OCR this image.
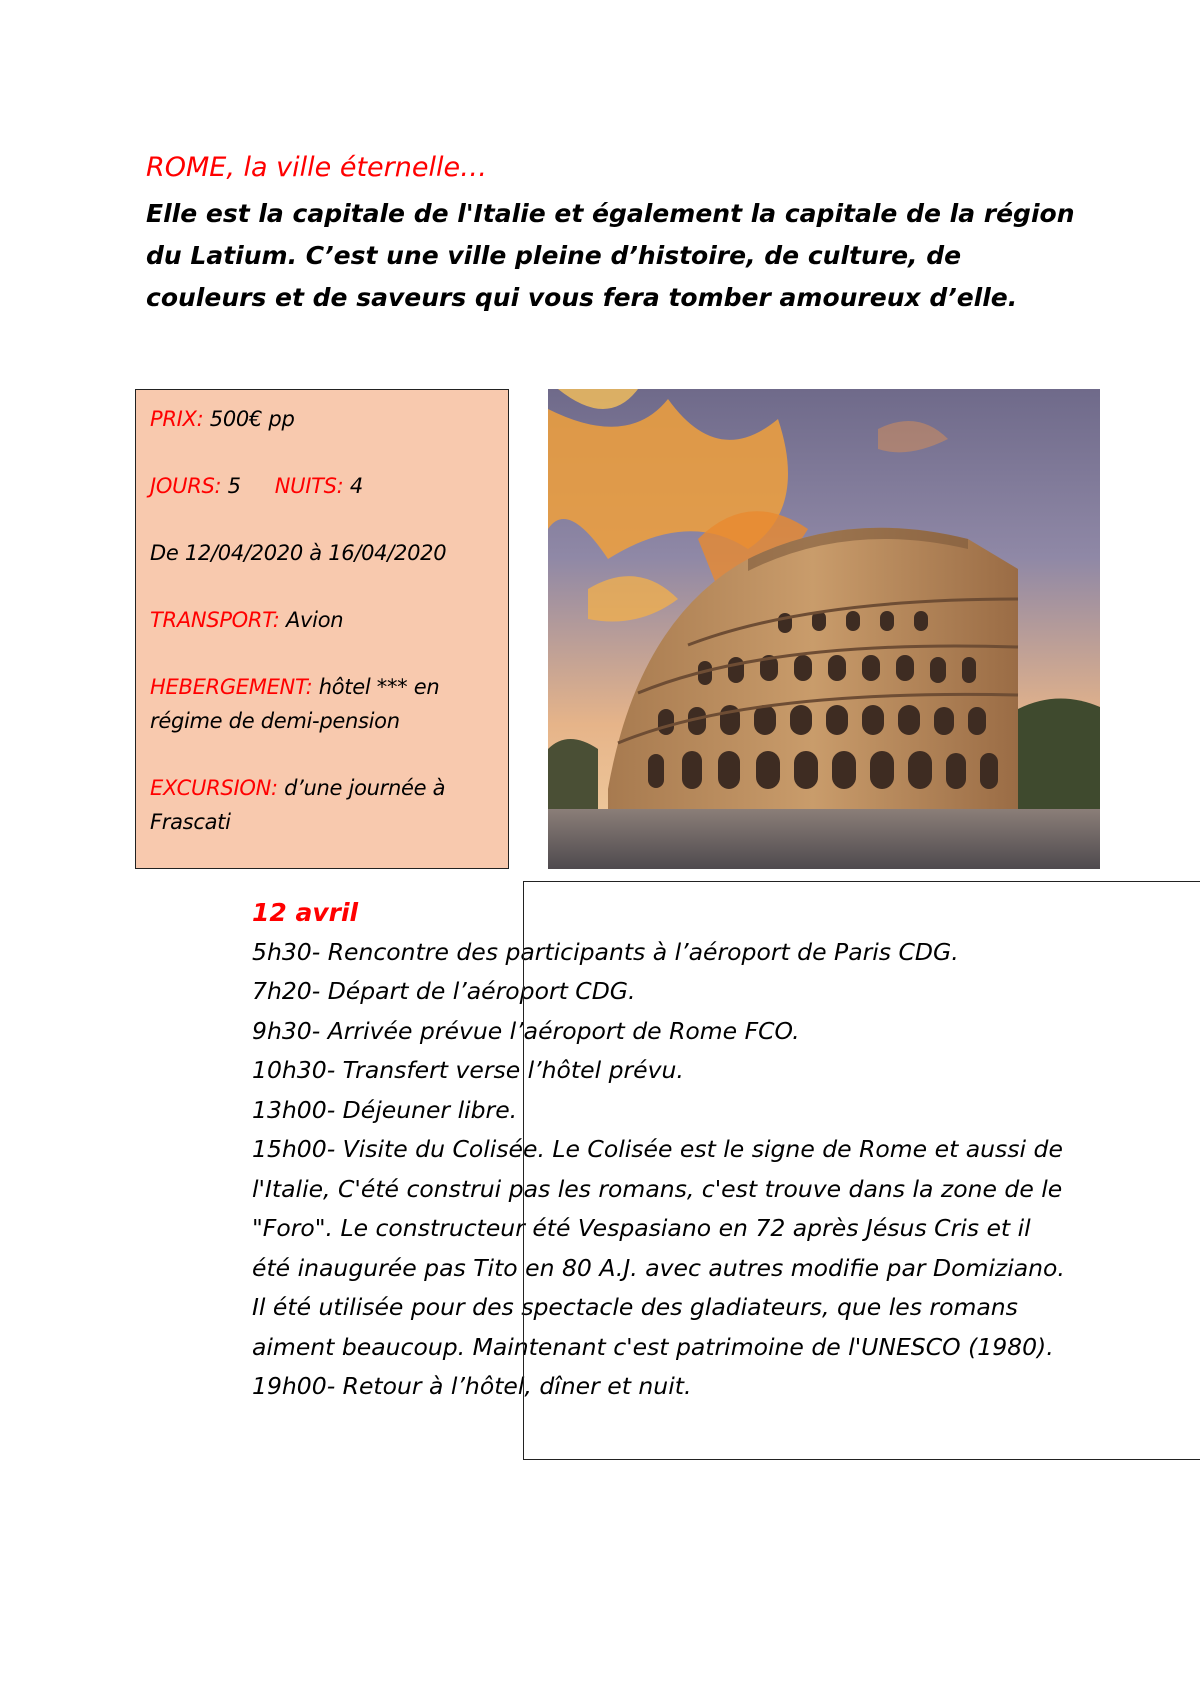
ROME, la ville éternelle…

Elle est la capitale de l'Italie et également la capitale de la région du Latium. C’est une ville pleine d’histoire, de culture, de couleurs et de saveurs qui vous fera tomber amoureux d’elle.

PRIX: 500€ pp

JOURS: 5 NUITS: 4

De 12/04/2020 à 16/04/2020

TRANSPORT: Avion

HEBERGEMENT: hôtel *** en régime de demi-pension

EXCURSION: d’une journée à Frascati

12 avril

5h30- Rencontre des participants à l’aéroport de Paris CDG.

7h20- Départ de l’aéroport CDG.

9h30- Arrivée prévue l’aéroport de Rome FCO.

10h30- Transfert verse l’hôtel prévu.

13h00- Déjeuner libre.

15h00- Visite du Colisée. Le Colisée est le signe de Rome et aussi de

l'Italie, C'été construi pas les romans, c'est trouve dans la zone de le

"Foro". Le constructeur été Vespasiano en 72 après Jésus Cris et il

été inaugurée pas Tito en 80 A.J. avec autres modifie par Domiziano.

Il été utilisée pour des spectacle des gladiateurs, que les romans

aiment beaucoup. Maintenant c'est patrimoine de l'UNESCO (1980).

19h00- Retour à l’hôtel, dîner et nuit.
